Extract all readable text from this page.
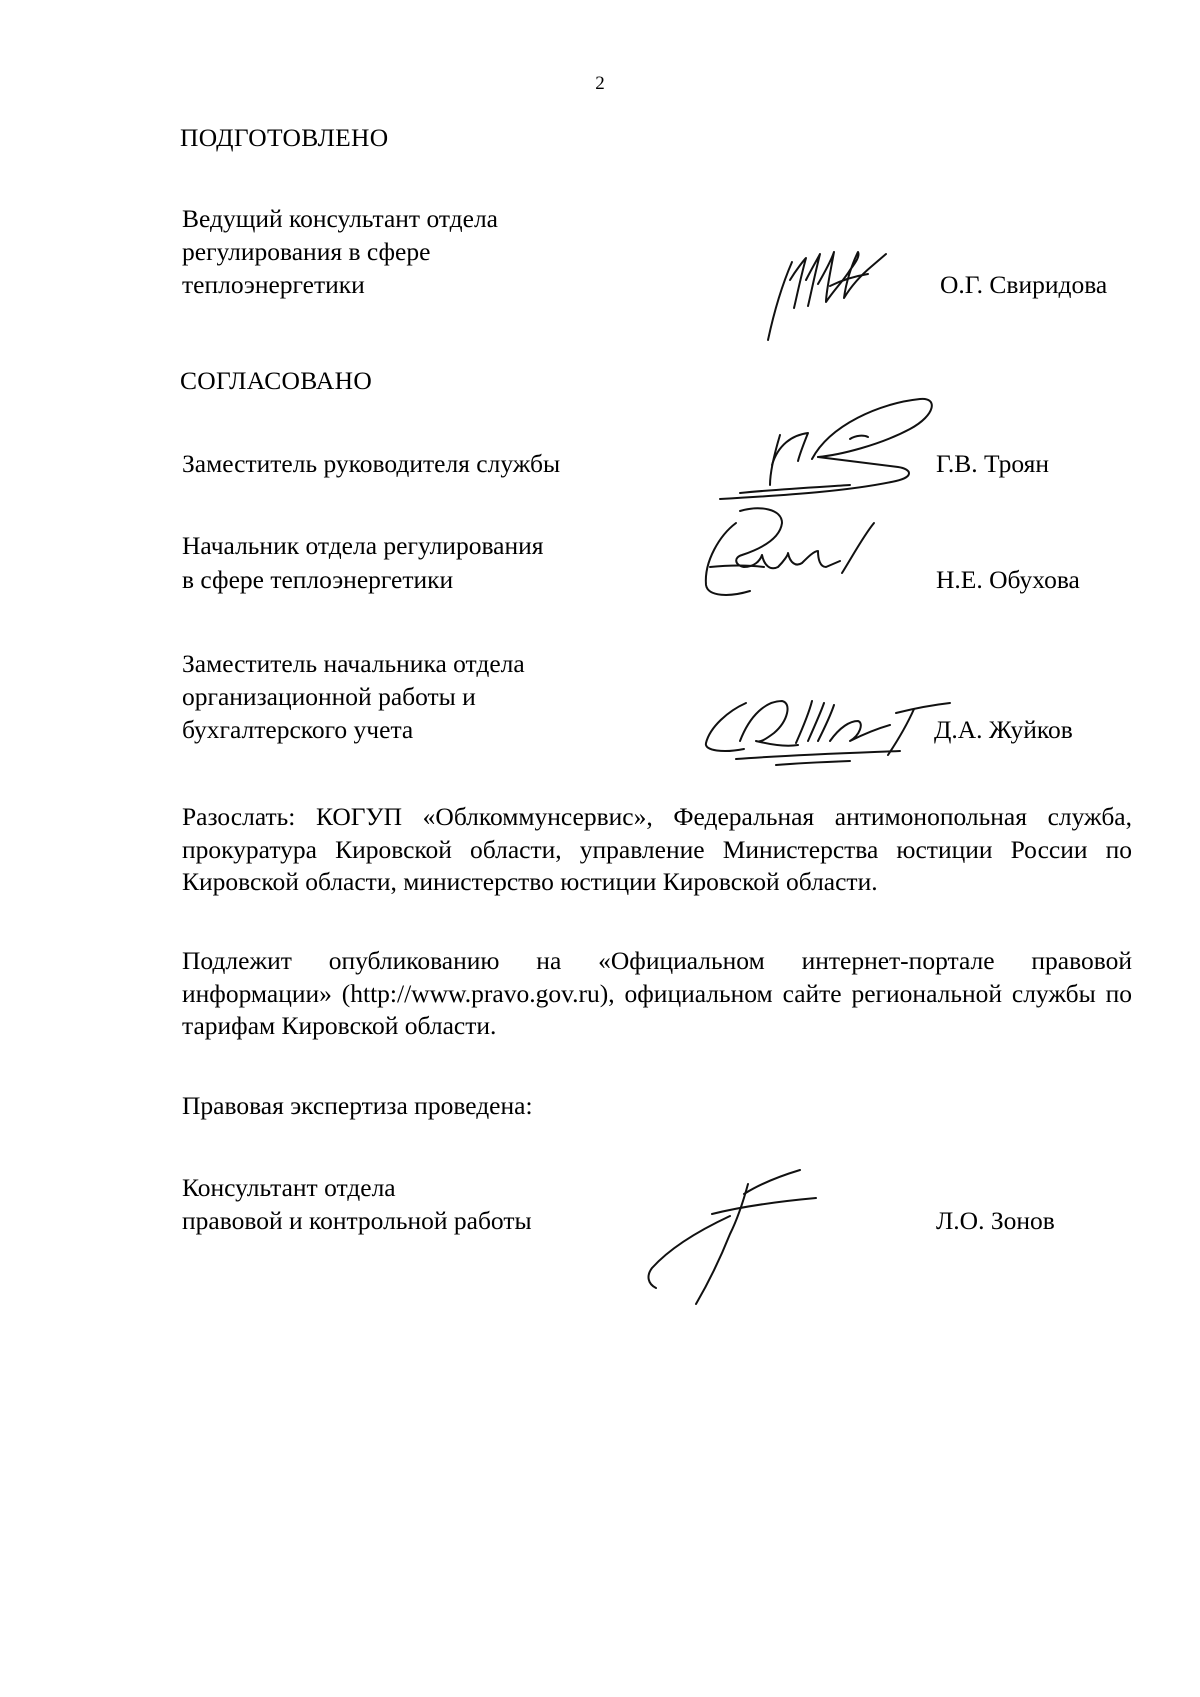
2
ПОДГОТОВЛЕНО
Ведущий консультант отдела
регулирования в сфере
теплоэнергетики	О.Г. Свиридова
СОГЛАСОВАНО
Заместитель руководителя службы	Г.В. Троян
Начальник отдела регулирования
в сфере теплоэнергетики	Н.Е. Обухова
Заместитель начальника отдела
организационной работы и
бухгалтерского учета	Д.А. Жуйков

Разослать: КОГУП «Облкоммунсервис», Федеральная антимонопольная служба, прокуратура Кировской области, управление Министерства юстиции России по Кировской области, министерство юстиции Кировской области.

Подлежит опубликованию на «Официальном интернет-портале правовой информации» (http://www.pravo.gov.ru), официальном сайте региональной службы по тарифам Кировской области.

Правовая экспертиза проведена:
Консультант отдела
правовой и контрольной работы	Л.О. Зонов
